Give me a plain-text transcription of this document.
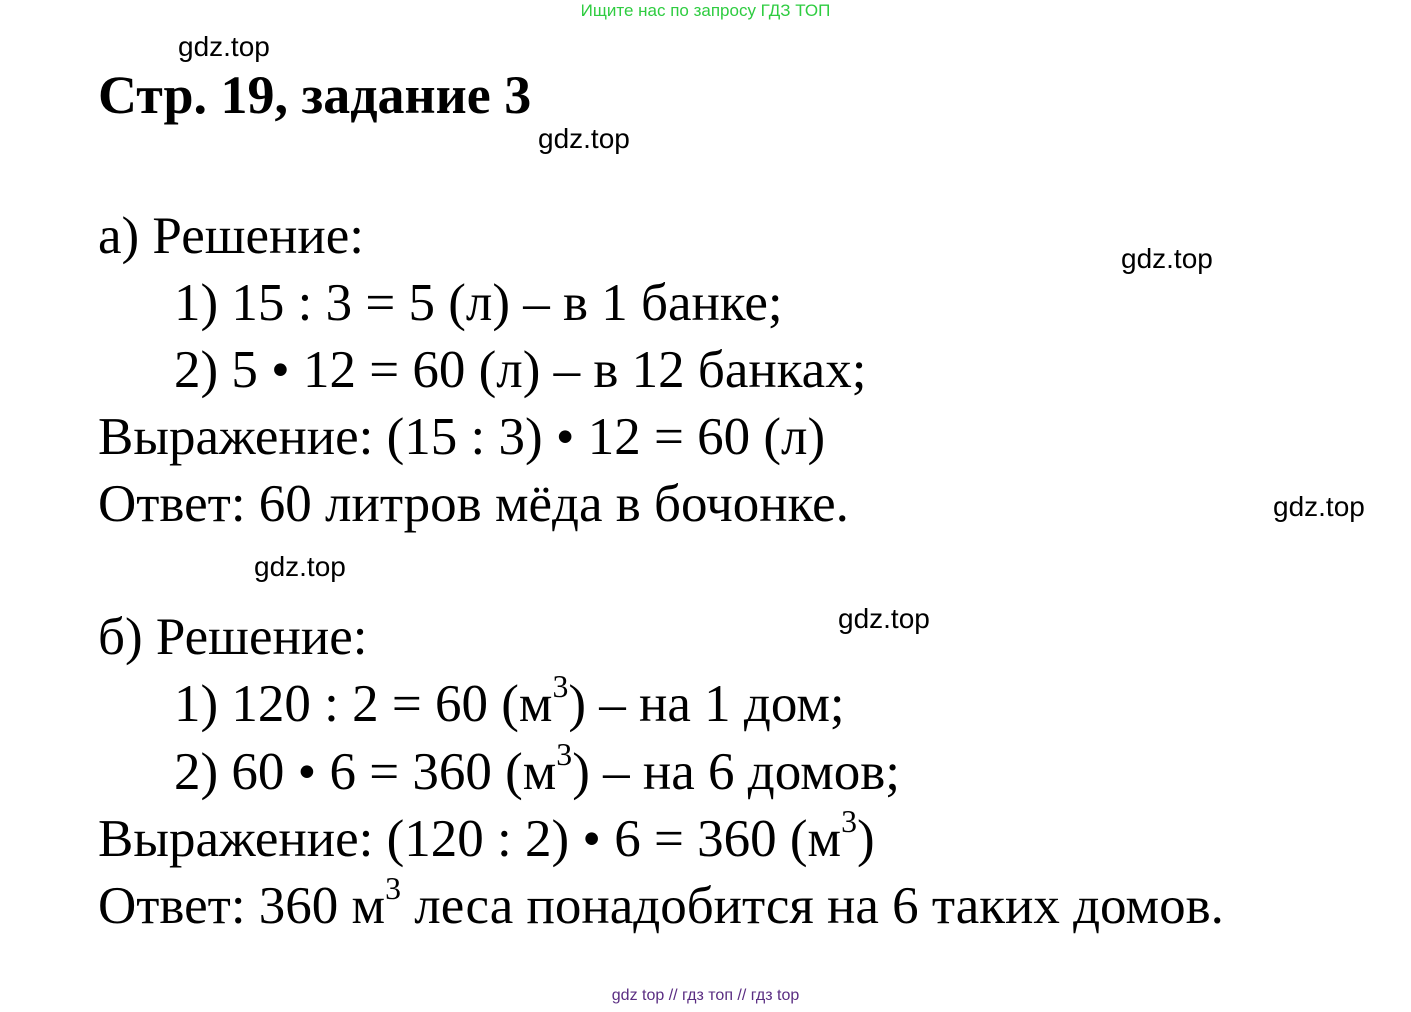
Ищите нас по запросу ГДЗ ТОП
gdz.top
gdz.top
gdz.top
gdz.top
gdz.top
gdz.top
Стр. 19, задание 3
а) Решение:
1) 15 : 3 = 5 (л) – в 1 банке;
2) 5 • 12 = 60 (л) – в 12 банках;
Выражение: (15 : 3) • 12 = 60 (л)
Ответ: 60 литров мёда в бочонке.
б) Решение:
1) 120 : 2 = 60 $(м^3)$ – на 1 дом;
2) 60 • 6 = 360 $(м^3)$ – на 6 домов;
Выражение: (120 : 2) • 6 = 360 $(м^3)$
Ответ: 360 $м^3$ леса понадобится на 6 таких домов.
gdz top // гдз топ // гдз top
